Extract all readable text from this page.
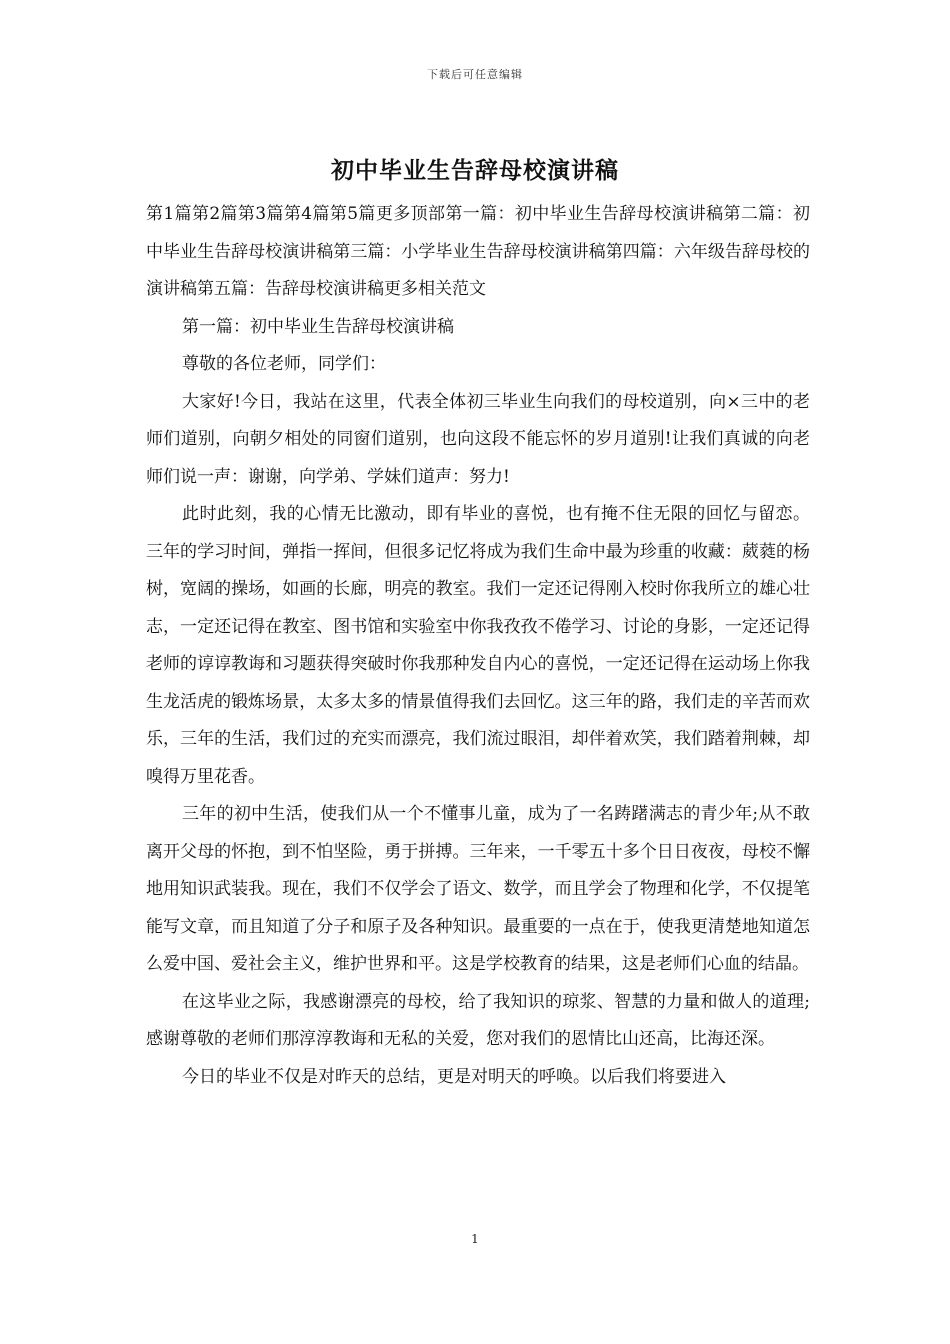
下载后可任意编辑
初中毕业生告辞母校演讲稿

第1篇第2篇第3篇第4篇第5篇更多顶部第一篇：初中毕业生告辞母校演讲稿第二篇：初中毕业生告辞母校演讲稿第三篇：小学毕业生告辞母校演讲稿第四篇：六年级告辞母校的演讲稿第五篇：告辞母校演讲稿更多相关范文

第一篇：初中毕业生告辞母校演讲稿

尊敬的各位老师，同学们：

大家好!今日，我站在这里，代表全体初三毕业生向我们的母校道别，向×三中的老师们道别，向朝夕相处的同窗们道别，也向这段不能忘怀的岁月道别!让我们真诚的向老师们说一声：谢谢，向学弟、学妹们道声：努力!

此时此刻，我的心情无比激动，即有毕业的喜悦，也有掩不住无限的回忆与留恋。三年的学习时间，弹指一挥间，但很多记忆将成为我们生命中最为珍重的收藏：葳蕤的杨树，宽阔的操场，如画的长廊，明亮的教室。我们一定还记得刚入校时你我所立的雄心壮志，一定还记得在教室、图书馆和实验室中你我孜孜不倦学习、讨论的身影，一定还记得老师的谆谆教诲和习题获得突破时你我那种发自内心的喜悦，一定还记得在运动场上你我生龙活虎的锻炼场景，太多太多的情景值得我们去回忆。这三年的路，我们走的辛苦而欢乐，三年的生活，我们过的充实而漂亮，我们流过眼泪，却伴着欢笑，我们踏着荆棘，却嗅得万里花香。

三年的初中生活，使我们从一个不懂事儿童，成为了一名踌躇满志的青少年;从不敢离开父母的怀抱，到不怕坚险，勇于拼搏。三年来，一千零五十多个日日夜夜，母校不懈地用知识武装我。现在，我们不仅学会了语文、数学，而且学会了物理和化学，不仅提笔能写文章，而且知道了分子和原子及各种知识。最重要的一点在于，使我更清楚地知道怎么爱中国、爱社会主义，维护世界和平。这是学校教育的结果，这是老师们心血的结晶。

在这毕业之际，我感谢漂亮的母校，给了我知识的琼浆、智慧的力量和做人的道理;感谢尊敬的老师们那淳淳教诲和无私的关爱，您对我们的恩情比山还高，比海还深。

今日的毕业不仅是对昨天的总结，更是对明天的呼唤。以后我们将要进入

1
